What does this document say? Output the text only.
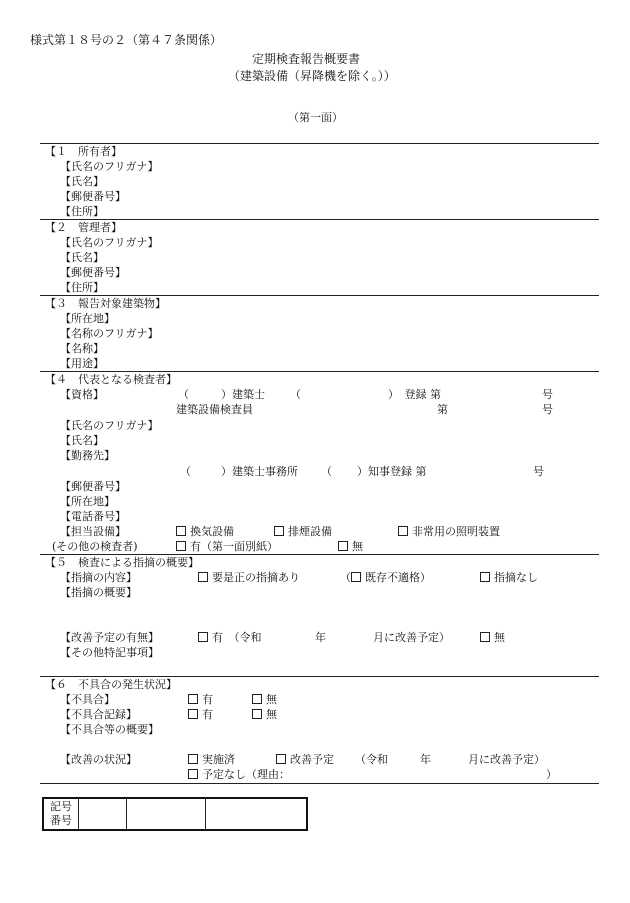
様式第１８号の２（第４７条関係）
定期検査報告概要書
（建築設備（昇降機を除く。））
（第一面）
【１　所有者】
【氏名のフリガナ】
【氏名】
【郵便番号】
【住所】
【２　管理者】
【氏名のフリガナ】
【氏名】
【郵便番号】
【住所】
【３　報告対象建築物】
【所在地】
【名称のフリガナ】
【名称】
【用途】
【４　代表となる検査者】
【資格】	（	）建築士 （	）　登録 第	号
建築設備検査員	第	号
【氏名のフリガナ】
【氏名】
【勤務先】
（	）建築士事務所 （ ）知事登録 第	号
【郵便番号】
【所在地】
【電話番号】
【担当設備】	換気設備	排煙設備	非常用の照明装置
(その他の検査者)	有（第一面別紙）	無
【５　検査による指摘の概要】
【指摘の内容】	要是正の指摘あり	（ 既存不適格）	指摘なし
【指摘の概要】
【改善予定の有無】	有　（令和	年	月に改善予定）	無
【その他特記事項】
【６　不具合の発生状況】
【不具合】	有	無
【不具合記録】	有	無
【不具合等の概要】
【改善の状況】	実施済	改善予定 （令和	年	月に改善予定）
予定なし（理由：	）
記号
番号
